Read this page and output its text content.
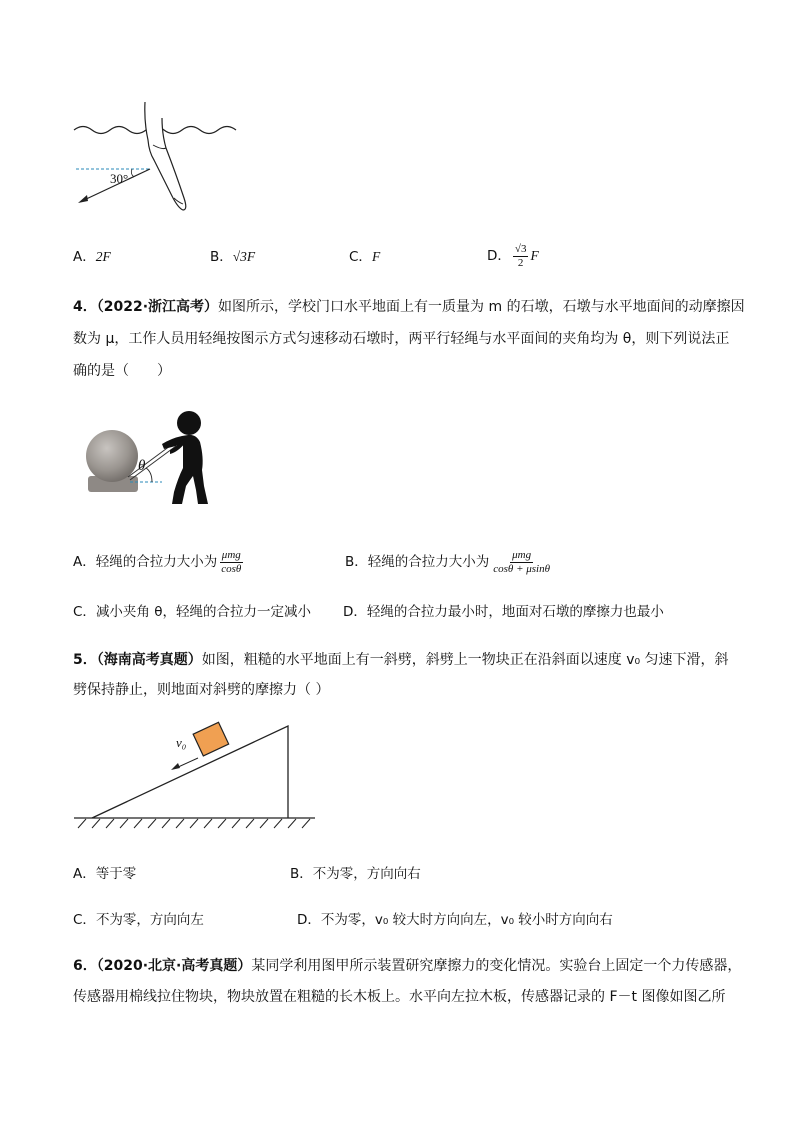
30°
A．2F	B．√3F	C．F	D． $\frac{√3}{2}$ F
4．（2022·浙江高考）如图所示，学校门口水平地面上有一质量为 m 的石墩，石墩与水平地面间的动摩擦因
数为 μ，工作人员用轻绳按图示方式匀速移动石墩时，两平行轻绳与水平面间的夹角均为 θ，则下列说法正
确的是（　　）
θ
A．轻绳的合拉力大小为 $\frac{\text{μmg}}{\cos\theta}$	B．轻绳的合拉力大小为 $\frac{\text{μmg}}{\cos\theta + \mu\sin\theta}$
C．减小夹角 θ，轻绳的合拉力一定减小 D．轻绳的合拉力最小时，地面对石墩的摩擦力也最小
5．（海南高考真题）如图，粗糙的水平地面上有一斜劈，斜劈上一物块正在沿斜面以速度 v₀ 匀速下滑，斜
劈保持静止，则地面对斜劈的摩擦力（ ）
v₀
A．等于零	B．不为零，方向向右
C．不为零，方向向左	D．不为零，v₀ 较大时方向向左，v₀ 较小时方向向右
6．（2020·北京·高考真题）某同学利用图甲所示装置研究摩擦力的变化情况。实验台上固定一个力传感器，
传感器用棉线拉住物块，物块放置在粗糙的长木板上。水平向左拉木板，传感器记录的 F－t 图像如图乙所
